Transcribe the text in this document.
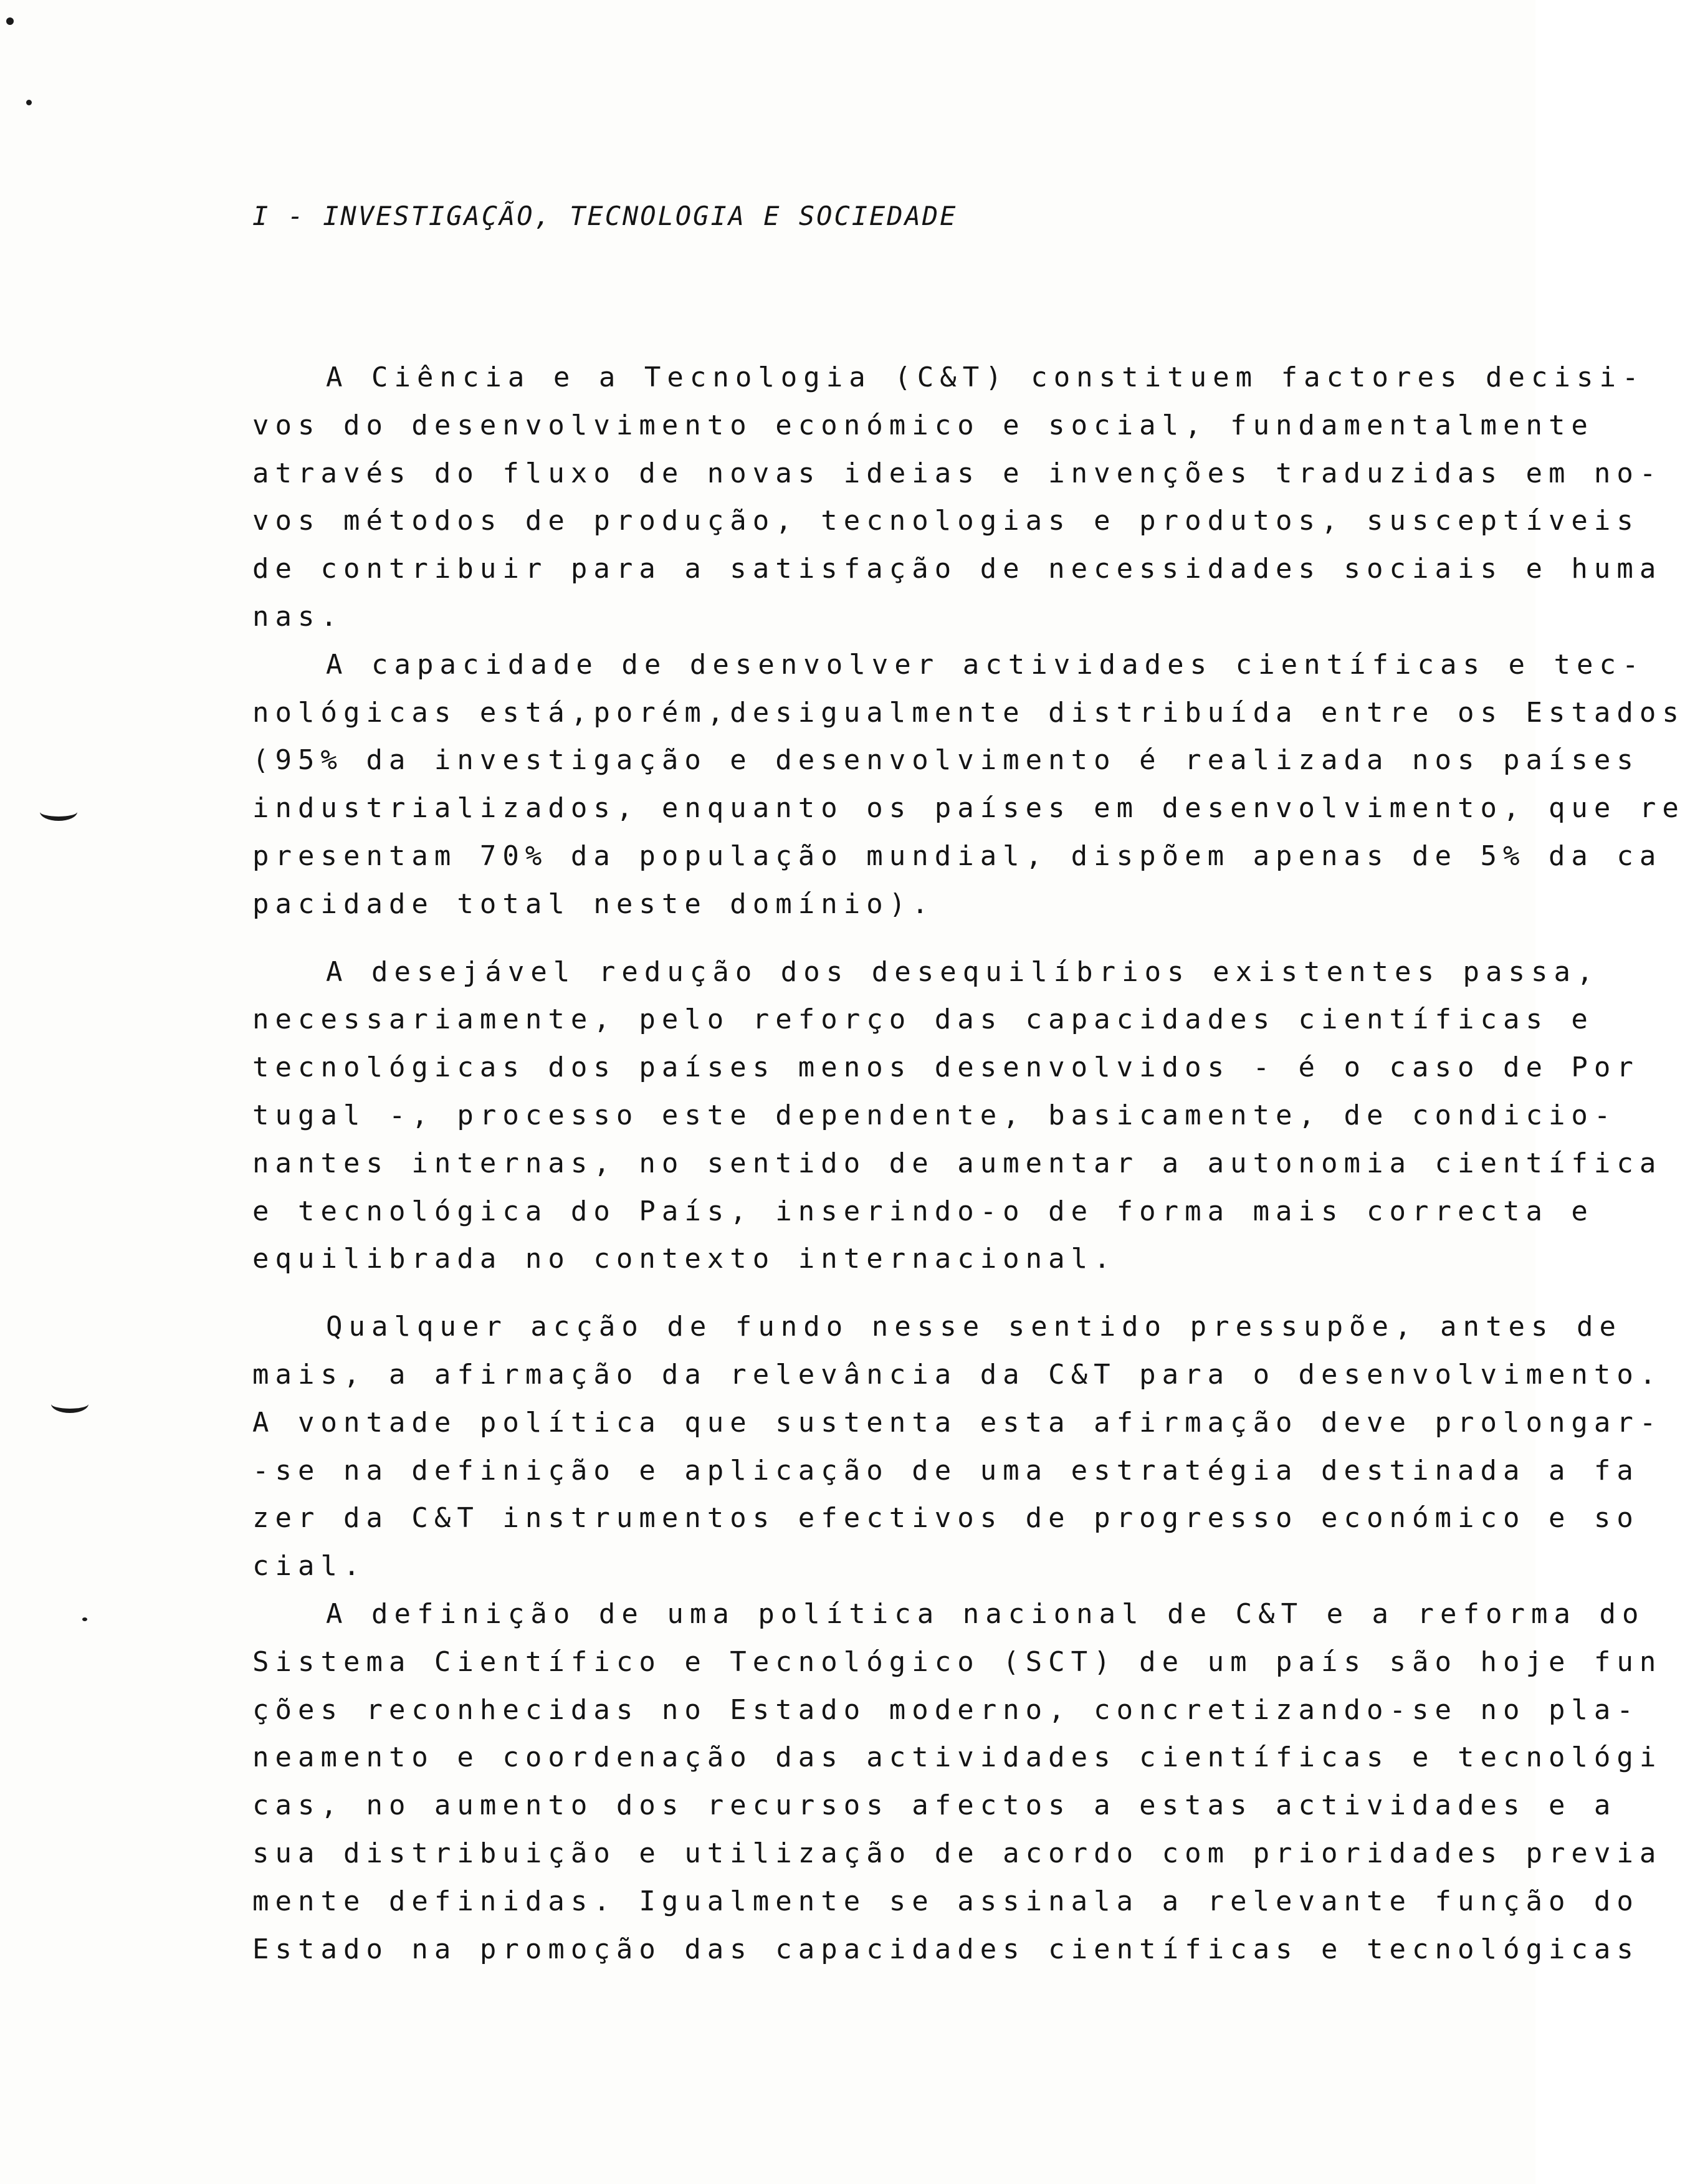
I - INVESTIGAÇÃO, TECNOLOGIA E SOCIEDADE
A Ciência e a Tecnologia (C&T) constituem factores decisi-
vos do desenvolvimento económico e social, fundamentalmente
através do fluxo de novas ideias e invenções traduzidas em no-
vos métodos de produção, tecnologias e produtos, susceptíveis
de contribuir para a satisfação de necessidades sociais e huma
nas.
A capacidade de desenvolver actividades científicas e tec-
nológicas está,porém,desigualmente distribuída entre os Estados
(95% da investigação e desenvolvimento é realizada nos países
industrializados, enquanto os países em desenvolvimento, que re
presentam 70% da população mundial, dispõem apenas de 5% da ca
pacidade total neste domínio).
A desejável redução dos desequilíbrios existentes passa,
necessariamente, pelo reforço das capacidades científicas e
tecnológicas dos países menos desenvolvidos - é o caso de Por
tugal -, processo este dependente, basicamente, de condicio-
nantes internas, no sentido de aumentar a autonomia científica
e tecnológica do País, inserindo-o de forma mais correcta e
equilibrada no contexto internacional.
Qualquer acção de fundo nesse sentido pressupõe, antes de
mais, a afirmação da relevância da C&T para o desenvolvimento.
A vontade política que sustenta esta afirmação deve prolongar-
-se na definição e aplicação de uma estratégia destinada a fa
zer da C&T instrumentos efectivos de progresso económico e so
cial.
A definição de uma política nacional de C&T e a reforma do
Sistema Científico e Tecnológico (SCT) de um país são hoje fun
ções reconhecidas no Estado moderno, concretizando-se no pla-
neamento e coordenação das actividades científicas e tecnológi
cas, no aumento dos recursos afectos a estas actividades e a
sua distribuição e utilização de acordo com prioridades previa
mente definidas. Igualmente se assinala a relevante função do
Estado na promoção das capacidades científicas e tecnológicas
